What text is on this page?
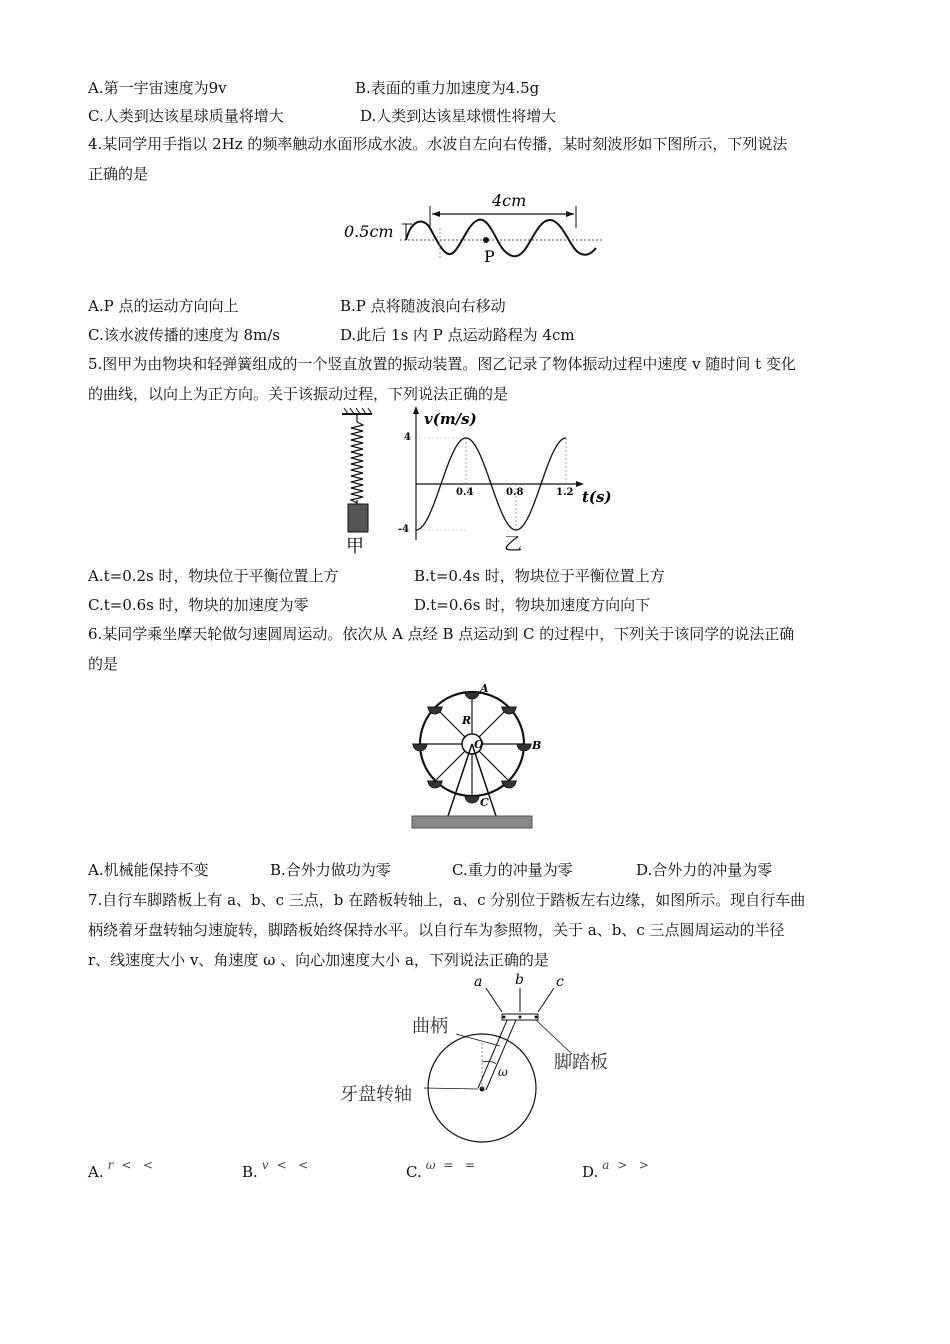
A.第一宇宙速度为9v	B.表面的重力加速度为4.5g
C.人类到达该星球质量将增大	D.人类到达该星球惯性将增大
4.某同学用手指以 2Hz 的频率触动水面形成水波。水波自左向右传播，某时刻波形如下图所示，下列说法
正确的是
0.5cm
4cm
P
A.P 点的运动方向向上	B.P 点将随波浪向右移动
C.该水波传播的速度为 8m/s	D.此后 1s 内 P 点运动路程为 4cm
5.图甲为由物块和轻弹簧组成的一个竖直放置的振动装置。图乙记录了物体振动过程中速度 v 随时间 t 变化
的曲线，以向上为正方向。关于该振动过程，下列说法正确的是
甲
v(m/s)
t(s)
4
-4
0.4	0.8	1.2
乙
A.t=0.2s 时，物块位于平衡位置上方	B.t=0.4s 时，物块位于平衡位置上方
C.t=0.6s 时，物块的加速度为零	D.t=0.6s 时，物块加速度方向向下
6.某同学乘坐摩天轮做匀速圆周运动。依次从 A 点经 B 点运动到 C 的过程中，下列关于该同学的说法正确
的是
A
B
C
R
O
A.机械能保持不变	B.合外力做功为零	C.重力的冲量为零	D.合外力的冲量为零
7.自行车脚踏板上有 a、b、c 三点，b 在踏板转轴上，a、c 分别位于踏板左右边缘，如图所示。现自行车曲
柄绕着牙盘转轴匀速旋转，脚踏板始终保持水平。以自行车为参照物，关于 a、b、c 三点圆周运动的半径
r、线速度大小 v、角速度 ω 、向心加速度大小 a，下列说法正确的是
ω
a b c
曲柄
脚踏板
牙盘转轴
A. $^r$ <   <	B. $^v$ <   <	C. $^\omega$ =   =	D. $^a$ >   >
